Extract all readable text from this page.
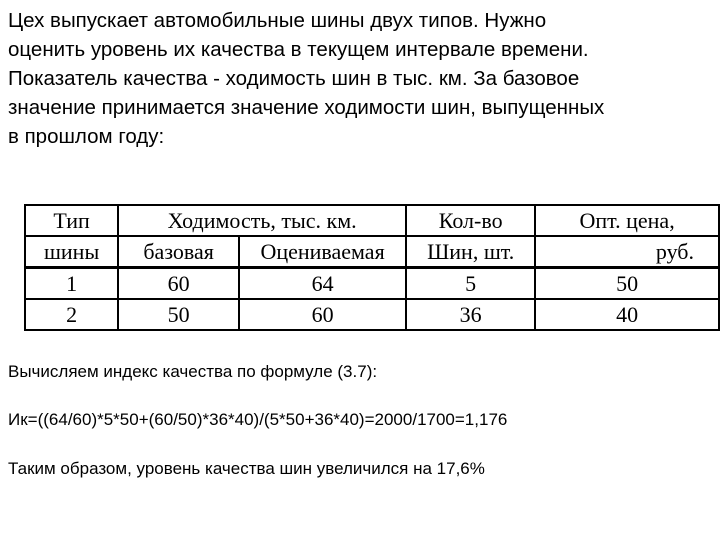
Цех выпускает автомобильные шины двух типов. Нужно
оценить уровень их качества в текущем интервале времени.
Показатель качества - ходимость шин в тыс. км. За базовое
значение принимается значение ходимости шин, выпущенных
в прошлом году:

Тип	Ходимость, тыс. км.		Кол-во	Опт. цена,
шины	базовая	Оцениваемая	Шин, шт.	руб.
1	60	64	5	50
2	50	60	36	40

Вычисляем индекс качества по формуле (3.7):

Ик=((64/60)*5*50+(60/50)*36*40)/(5*50+36*40)=2000/1700=1,176

Таким образом, уровень качества шин увеличился на 17,6%
